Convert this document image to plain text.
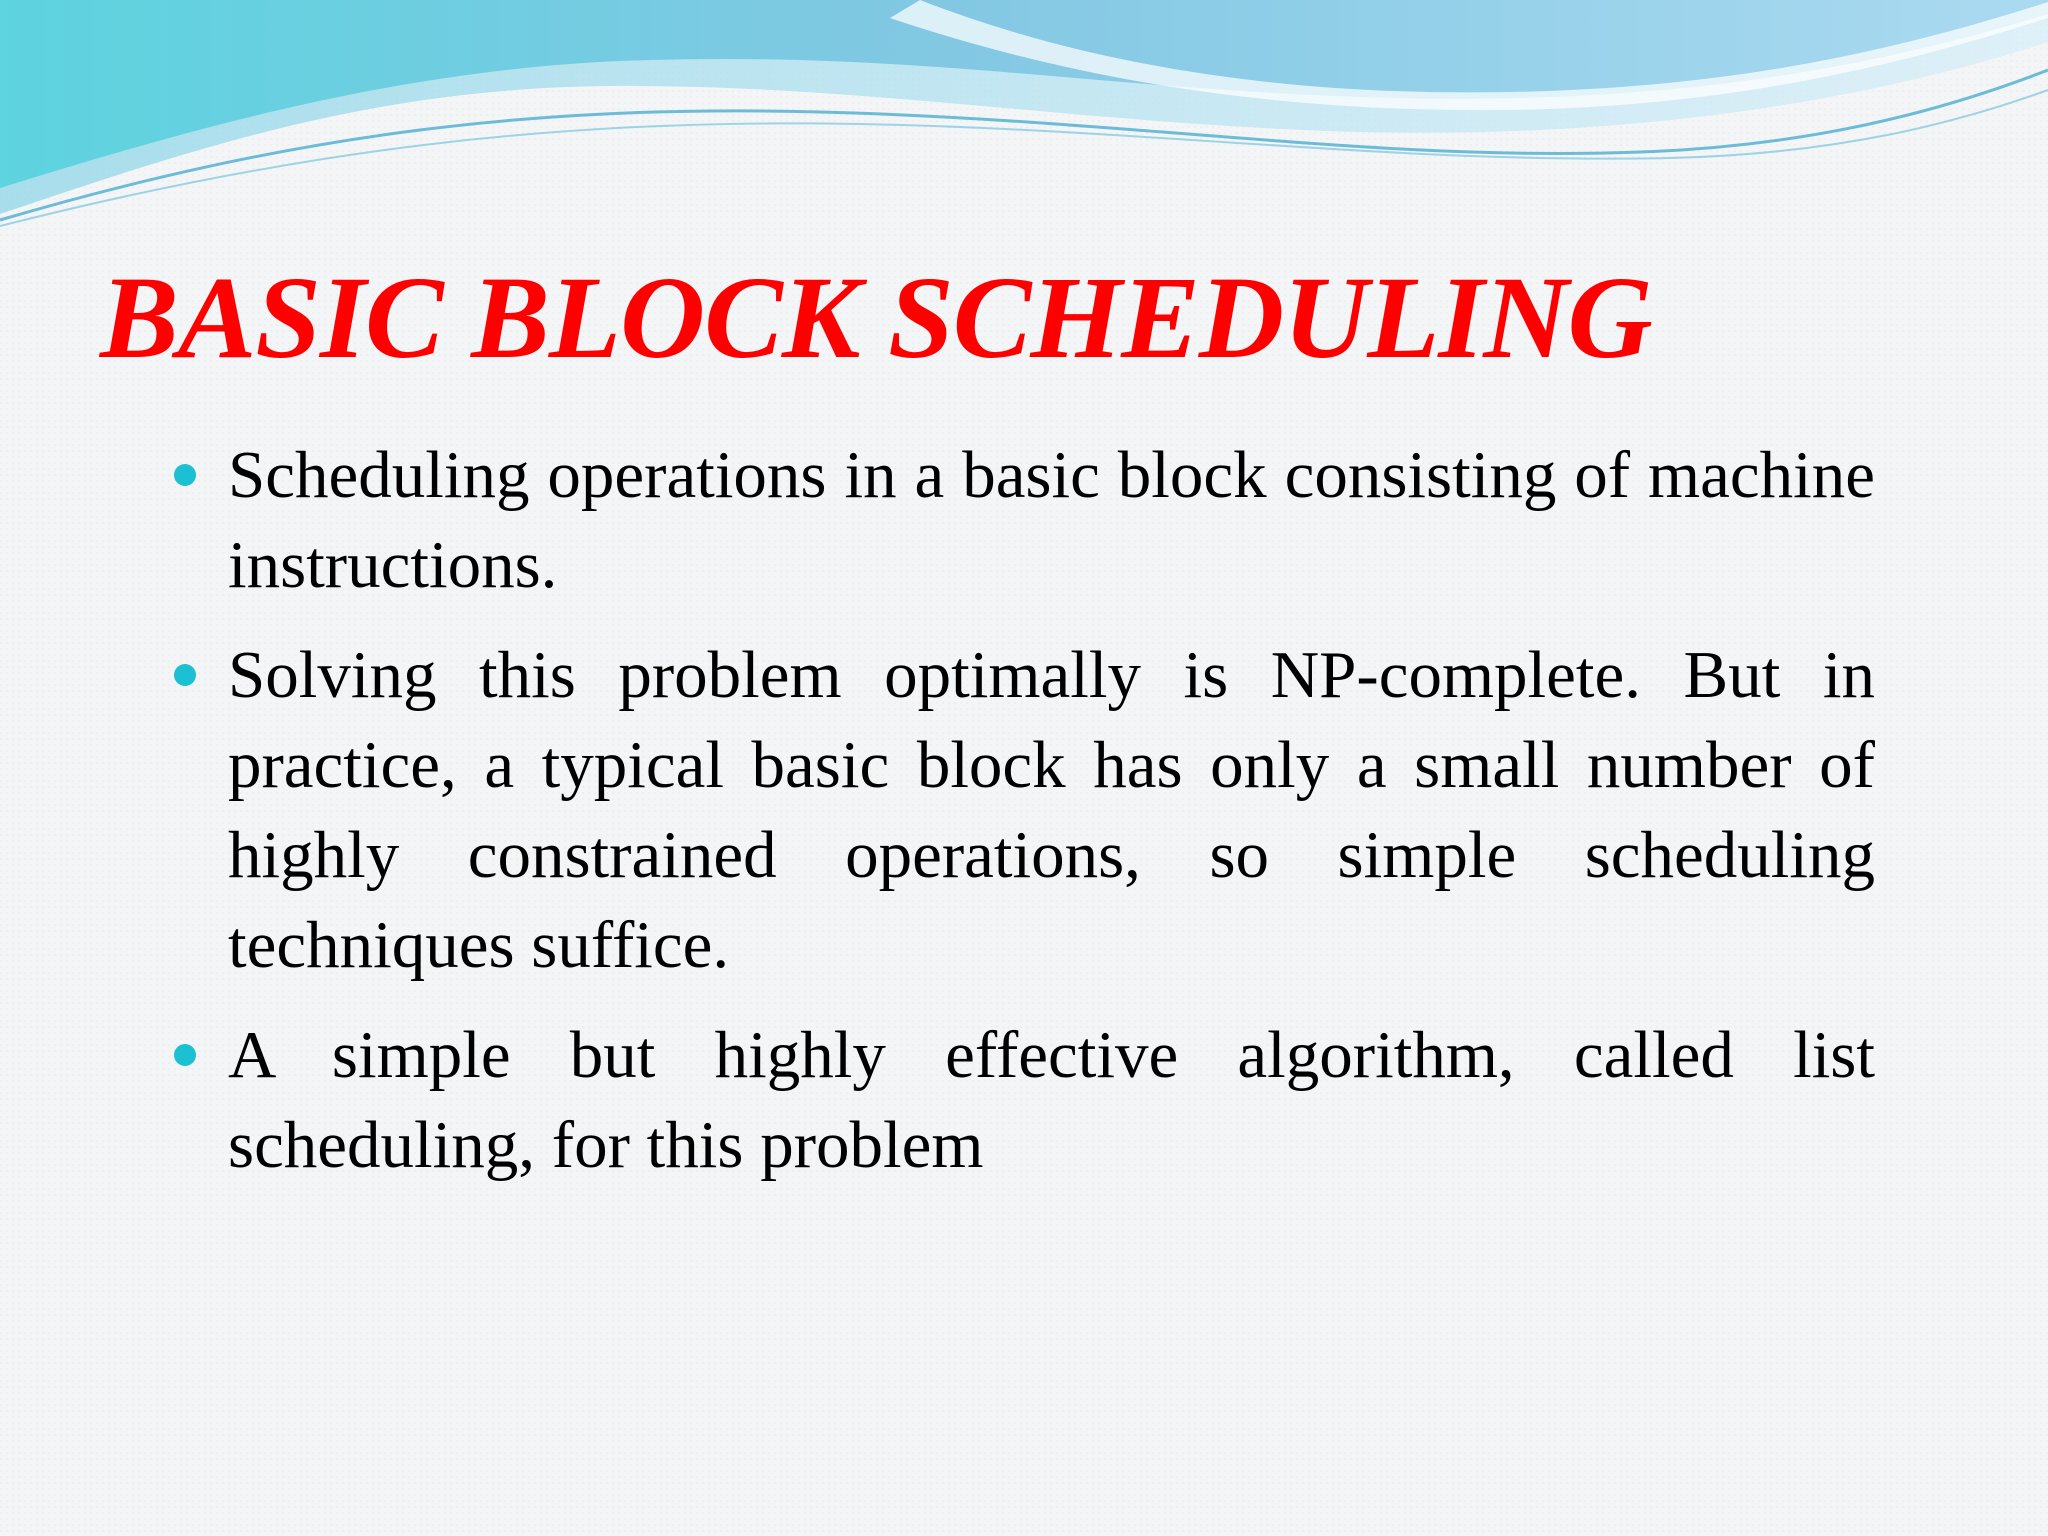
BASIC BLOCK SCHEDULING
Scheduling operations in a basic block consisting of machine instructions.
Solving this problem optimally is NP-complete. But in practice, a typical basic block has only a small number of highly constrained operations, so simple scheduling techniques suffice.
A simple but highly effective algorithm, called list scheduling, for this problem
